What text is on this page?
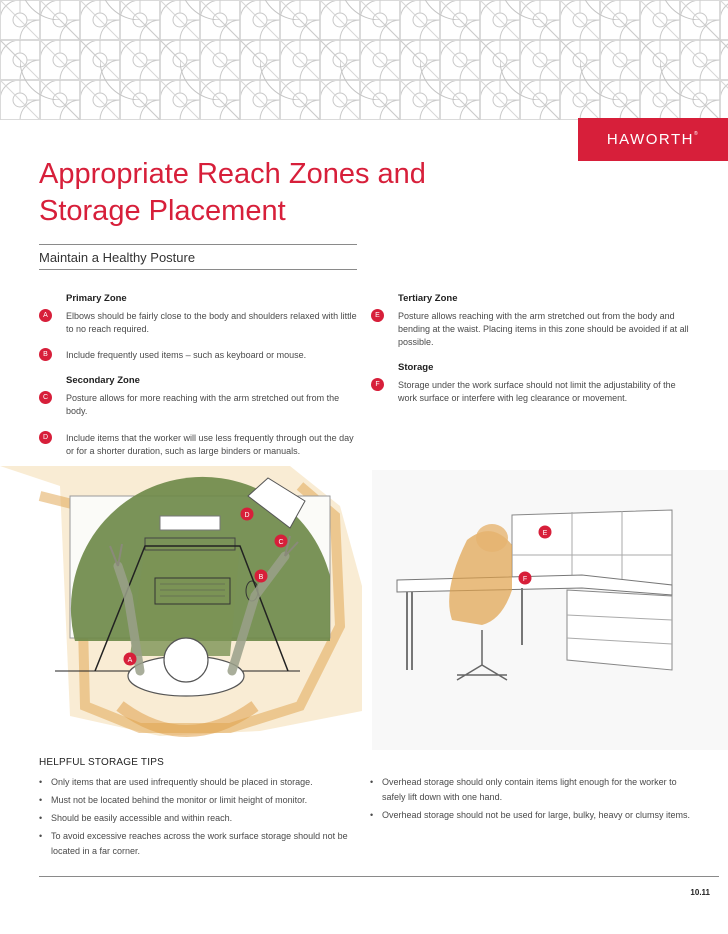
HAWORTH®
Appropriate Reach Zones and
Storage Placement
Maintain a Healthy Posture
Primary Zone
A	Elbows should be fairly close to the body and shoulders relaxed with little to no reach required.
B	Include frequently used items – such as keyboard or mouse.
Secondary Zone
C	Posture allows for more reaching with the arm stretched out from the body.
D	Include items that the worker will use less frequently through out the day or for a shorter duration, such as large binders or manuals.
Tertiary Zone
E	Posture allows reaching with the arm stretched out from the body and bending at the waist. Placing items in this zone should be avoided if at all possible.
Storage
F	Storage under the work surface should not limit the adjustability of the work surface or interfere with leg clearance or movement.
A
B
C
D
E
F
HELPFUL STORAGE TIPS
• Only items that are used infrequently should be placed in storage.
• Must not be located behind the monitor or limit height of monitor.
• Should be easily accessible and within reach.
• To avoid excessive reaches across the work surface storage should not be located in a far corner.
• Overhead storage should only contain items light enough for the worker to safely lift down with one hand.
• Overhead storage should not be used for large, bulky, heavy or clumsy items.
10.11
